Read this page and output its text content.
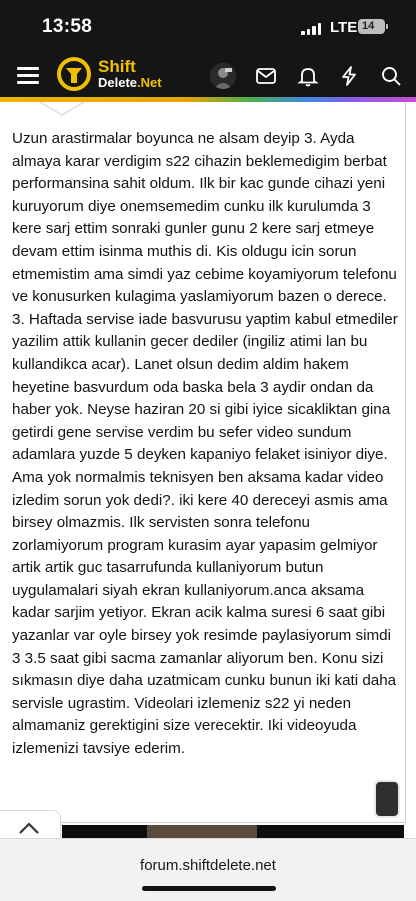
13:58	LTE 14
Shift
Delete.Net

Uzun arastirmalar boyunca ne alsam deyip 3. Ayda almaya karar verdigim s22 cihazin beklemedigim berbat performansina sahit oldum. Ilk bir kac gunde cihazi yeni kuruyorum diye onemsemedim cunku ilk kurulumda 3 kere sarj ettim sonraki gunler gunu 2 kere sarj etmeye devam ettim isinma muthis di. Kis oldugu icin sorun etmemistim ama simdi yaz cebime koyamiyorum telefonu ve konusurken kulagima yaslamiyorum bazen o derece. 3. Haftada servise iade basvurusu yaptim kabul etmediler yazilim attik kullanin gecer dediler (ingiliz atimi lan bu kullandikca acar). Lanet olsun dedim aldim hakem heyetine basvurdum oda baska bela 3 aydir ondan da haber yok. Neyse haziran 20 si gibi iyice sicakliktan gina getirdi gene servise verdim bu sefer video sundum adamlara yuzde 5 deyken kapaniyo felaket isiniyor diye. Ama yok normalmis teknisyen ben aksama kadar video izledim sorun yok dedi?. iki kere 40 dereceyi asmis ama birsey olmazmis. Ilk servisten sonra telefonu zorlamiyorum program kurasim ayar yapasim gelmiyor artik artik guc tasarrufunda kullaniyorum butun uygulamalari siyah ekran kullaniyorum.anca aksama kadar sarjim yetiyor. Ekran acik kalma suresi 6 saat gibi yazanlar var oyle birsey yok resimde paylasiyorum simdi 3 3.5 saat gibi sacma zamanlar aliyorum ben. Konu sizi sıkmasın diye daha uzatmicam cunku bunun iki kati daha servisle ugrastim. Videolari izlemeniz s22 yi neden almamaniz gerektigini size verecektir. Iki videoyuda izlemenizi tavsiye ederim.

forum.shiftdelete.net
